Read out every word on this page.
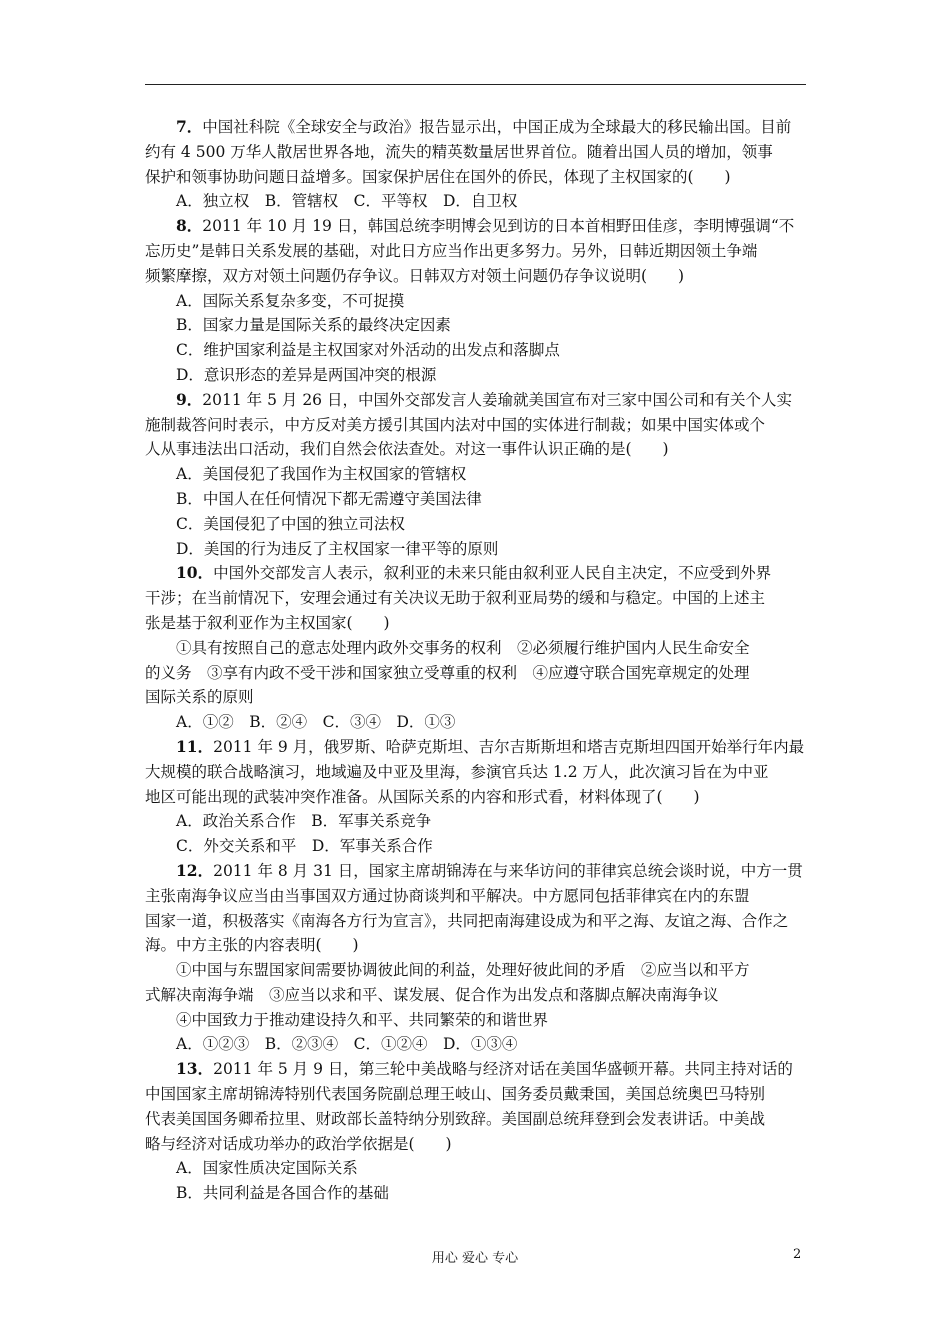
7．中国社科院《全球安全与政治》报告显示出，中国正成为全球最大的移民输出国。目前
约有 4 500 万华人散居世界各地，流失的精英数量居世界首位。随着出国人员的增加，领事
保护和领事协助问题日益增多。国家保护居住在国外的侨民，体现了主权国家的(　　)
A．独立权　B．管辖权　C．平等权　D．自卫权
8．2011 年 10 月 19 日，韩国总统李明博会见到访的日本首相野田佳彦，李明博强调“不
忘历史”是韩日关系发展的基础，对此日方应当作出更多努力。另外，日韩近期因领土争端
频繁摩擦，双方对领土问题仍存争议。日韩双方对领土问题仍存争议说明(　　)
A．国际关系复杂多变，不可捉摸
B．国家力量是国际关系的最终决定因素
C．维护国家利益是主权国家对外活动的出发点和落脚点
D．意识形态的差异是两国冲突的根源
9．2011 年 5 月 26 日，中国外交部发言人姜瑜就美国宣布对三家中国公司和有关个人实
施制裁答问时表示，中方反对美方援引其国内法对中国的实体进行制裁；如果中国实体或个
人从事违法出口活动，我们自然会依法查处。对这一事件认识正确的是(　　)
A．美国侵犯了我国作为主权国家的管辖权
B．中国人在任何情况下都无需遵守美国法律
C．美国侵犯了中国的独立司法权
D．美国的行为违反了主权国家一律平等的原则
10．中国外交部发言人表示，叙利亚的未来只能由叙利亚人民自主决定，不应受到外界
干涉；在当前情况下，安理会通过有关决议无助于叙利亚局势的缓和与稳定。中国的上述主
张是基于叙利亚作为主权国家(　　)
①具有按照自己的意志处理内政外交事务的权利　②必须履行维护国内人民生命安全
的义务　③享有内政不受干涉和国家独立受尊重的权利　④应遵守联合国宪章规定的处理
国际关系的原则
A．①②　B．②④　C．③④　D．①③
11．2011 年 9 月，俄罗斯、哈萨克斯坦、吉尔吉斯斯坦和塔吉克斯坦四国开始举行年内最
大规模的联合战略演习，地域遍及中亚及里海，参演官兵达 1.2 万人，此次演习旨在为中亚
地区可能出现的武装冲突作准备。从国际关系的内容和形式看，材料体现了(　　)
A．政治关系合作　B．军事关系竞争
C．外交关系和平　D．军事关系合作
12．2011 年 8 月 31 日，国家主席胡锦涛在与来华访问的菲律宾总统会谈时说，中方一贯
主张南海争议应当由当事国双方通过协商谈判和平解决。中方愿同包括菲律宾在内的东盟
国家一道，积极落实《南海各方行为宣言》，共同把南海建设成为和平之海、友谊之海、合作之
海。中方主张的内容表明(　　)
①中国与东盟国家间需要协调彼此间的利益，处理好彼此间的矛盾　②应当以和平方
式解决南海争端　③应当以求和平、谋发展、促合作为出发点和落脚点解决南海争议
④中国致力于推动建设持久和平、共同繁荣的和谐世界
A．①②③　B．②③④　C．①②④　D．①③④
13．2011 年 5 月 9 日，第三轮中美战略与经济对话在美国华盛顿开幕。共同主持对话的
中国国家主席胡锦涛特别代表国务院副总理王岐山、国务委员戴秉国，美国总统奥巴马特别
代表美国国务卿希拉里、财政部长盖特纳分别致辞。美国副总统拜登到会发表讲话。中美战
略与经济对话成功举办的政治学依据是(　　)
A．国家性质决定国际关系
B．共同利益是各国合作的基础
用心 爱心 专心	2
